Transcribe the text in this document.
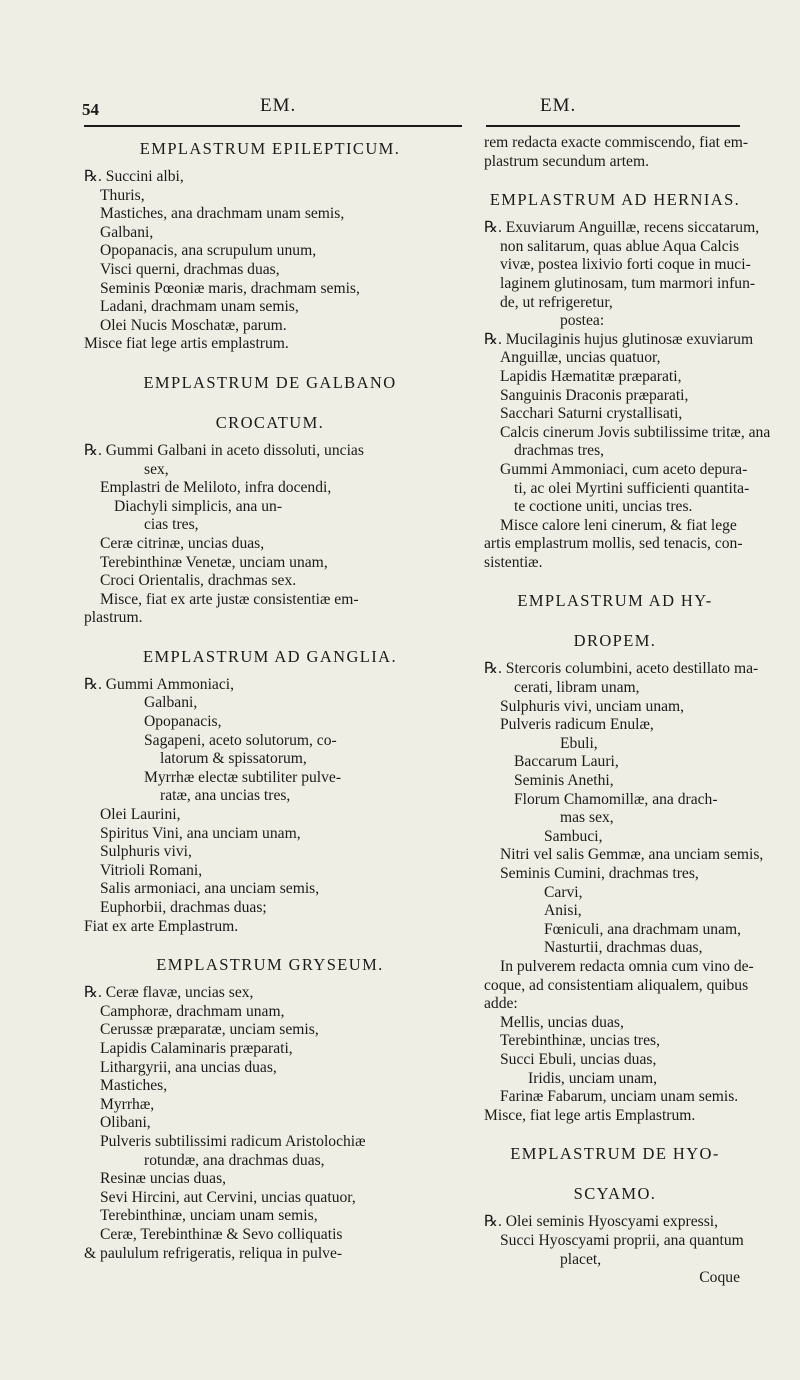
54	EM.	EM.
EMPLASTRUM EPILEPTICUM.
℞. Succini albi,
Thuris,
Mastiches, ana drachmam unam semis,
Galbani,
Opopanacis, ana scrupulum unum,
Visci querni, drachmas duas,
Seminis Pœoniæ maris, drachmam semis,
Ladani, drachmam unam semis,
Olei Nucis Moschatæ, parum.
Misce fiat lege artis emplastrum.
EMPLASTRUM DE GALBANO
CROCATUM.
℞. Gummi Galbani in aceto dissoluti, uncias
sex,
Emplastri de Meliloto, infra docendi,
Diachyli simplicis, ana un-
cias tres,
Ceræ citrinæ, uncias duas,
Terebinthinæ Venetæ, unciam unam,
Croci Orientalis, drachmas sex.
Misce, fiat ex arte justæ consistentiæ em-
plastrum.
EMPLASTRUM AD GANGLIA.
℞. Gummi Ammoniaci,
Galbani,
Opopanacis,
Sagapeni, aceto solutorum, co-
latorum & spissatorum,
Myrrhæ electæ subtiliter pulve-
ratæ, ana uncias tres,
Olei Laurini,
Spiritus Vini, ana unciam unam,
Sulphuris vivi,
Vitrioli Romani,
Salis armoniaci, ana unciam semis,
Euphorbii, drachmas duas;
Fiat ex arte Emplastrum.
EMPLASTRUM GRYSEUM.
℞. Ceræ flavæ, uncias sex,
Camphoræ, drachmam unam,
Cerussæ præparatæ, unciam semis,
Lapidis Calaminaris præparati,
Lithargyrii, ana uncias duas,
Mastiches,
Myrrhæ,
Olibani,
Pulveris subtilissimi radicum Aristolochiæ
rotundæ, ana drachmas duas,
Resinæ uncias duas,
Sevi Hircini, aut Cervini, uncias quatuor,
Terebinthinæ, unciam unam semis,
Ceræ, Terebinthinæ & Sevo colliquatis
& paululum refrigeratis, reliqua in pulve-
rem redacta exacte commiscendo, fiat em-
plastrum secundum artem.
EMPLASTRUM AD HERNIAS.
℞. Exuviarum Anguillæ, recens siccatarum,
non salitarum, quas ablue Aqua Calcis
vivæ, postea lixivio forti coque in muci-
laginem glutinosam, tum marmori infun-
de, ut refrigeretur,
postea:
℞. Mucilaginis hujus glutinosæ exuviarum
Anguillæ, uncias quatuor,
Lapidis Hæmatitæ præparati,
Sanguinis Draconis præparati,
Sacchari Saturni crystallisati,
Calcis cinerum Jovis subtilissime tritæ, ana
drachmas tres,
Gummi Ammoniaci, cum aceto depura-
ti, ac olei Myrtini sufficienti quantita-
te coctione uniti, uncias tres.
Misce calore leni cinerum, & fiat lege
artis emplastrum mollis, sed tenacis, con-
sistentiæ.
EMPLASTRUM AD HY-
DROPEM.
℞. Stercoris columbini, aceto destillato ma-
cerati, libram unam,
Sulphuris vivi, unciam unam,
Pulveris radicum Enulæ,
Ebuli,
Baccarum Lauri,
Seminis Anethi,
Florum Chamomillæ, ana drach-
mas sex,
Sambuci,
Nitri vel salis Gemmæ, ana unciam semis,
Seminis Cumini, drachmas tres,
Carvi,
Anisi,
Fœniculi, ana drachmam unam,
Nasturtii, drachmas duas,
In pulverem redacta omnia cum vino de-
coque, ad consistentiam aliqualem, quibus
adde:
Mellis, uncias duas,
Terebinthinæ, uncias tres,
Succi Ebuli, uncias duas,
Iridis, unciam unam,
Farinæ Fabarum, unciam unam semis.
Misce, fiat lege artis Emplastrum.
EMPLASTRUM DE HYO-
SCYAMO.
℞. Olei seminis Hyoscyami expressi,
Succi Hyoscyami proprii, ana quantum
placet,
Coque
